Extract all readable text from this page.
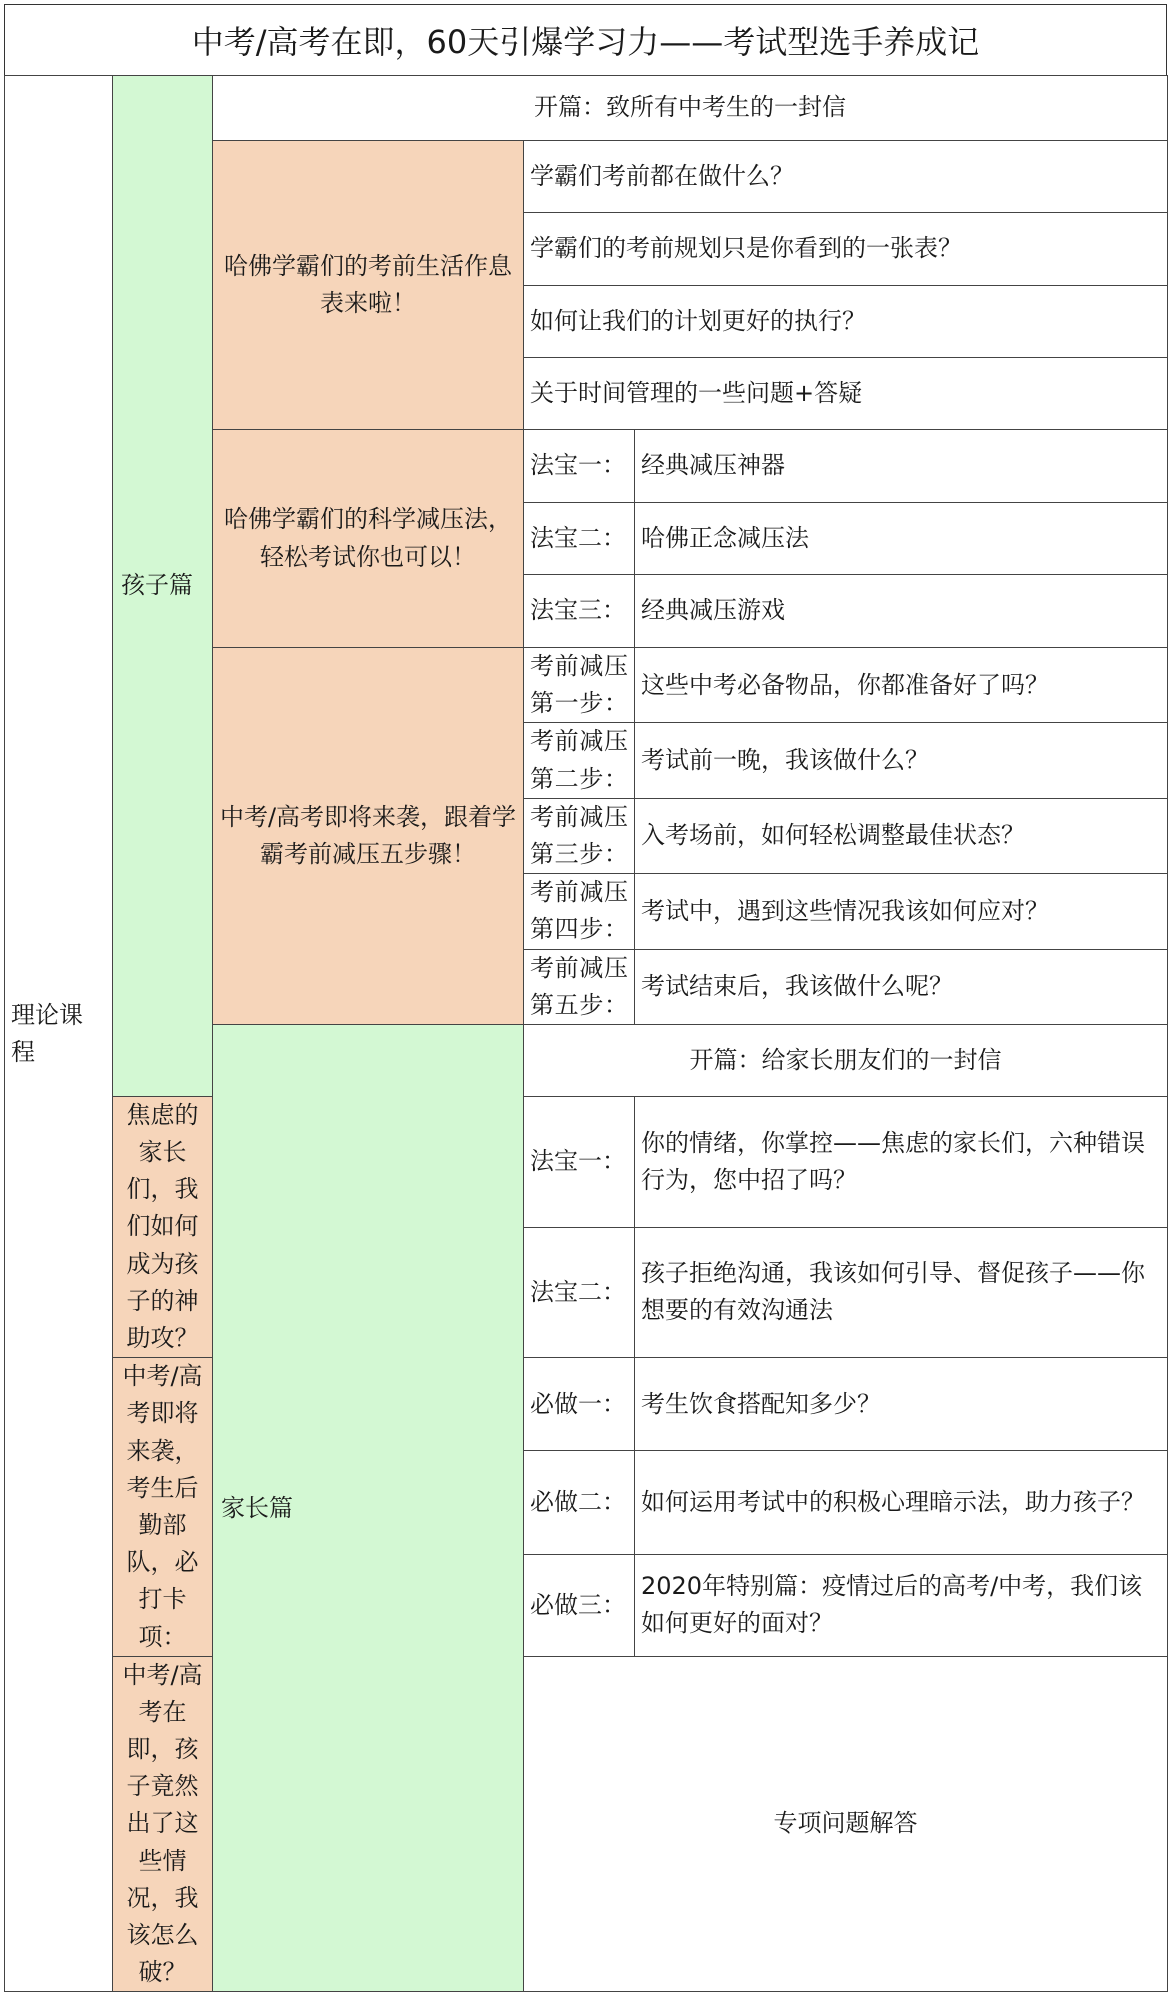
中考/高考在即，60天引爆学习力——考试型选手养成记
理论课程	孩子篇	开篇：致所有中考生的一封信		
		哈佛学霸们的考前生活作息表来啦！	学霸们考前都在做什么？	
			学霸们的考前规划只是你看到的一张表？	
			如何让我们的计划更好的执行？	
			关于时间管理的一些问题+答疑	
		哈佛学霸们的科学减压法，轻松考试你也可以！	法宝一：	经典减压神器
			法宝二：	哈佛正念减压法
			法宝三：	经典减压游戏
		中考/高考即将来袭，跟着学霸考前减压五步骤！	考前减压第一步：	这些中考必备物品，你都准备好了吗？
			考前减压第二步：	考试前一晚，我该做什么？
			考前减压第三步：	入考场前，如何轻松调整最佳状态？
			考前减压第四步：	考试中，遇到这些情况我该如何应对？
			考前减压第五步：	考试结束后，我该做什么呢？
		家长篇	开篇：给家长朋友们的一封信	
	焦虑的家长们，我们如何成为孩子的神助攻？		法宝一：	你的情绪，你掌控——焦虑的家长们，六种错误行为，您中招了吗？
			法宝二：	孩子拒绝沟通，我该如何引导、督促孩子——你想要的有效沟通法
	中考/高考即将来袭，考生后勤部队，必打卡项：		必做一：	考生饮食搭配知多少？
			必做二：	如何运用考试中的积极心理暗示法，助力孩子？
			必做三：	2020年特别篇：疫情过后的高考/中考，我们该如何更好的面对？
	中考/高考在即，孩子竟然出了这些情况，我该怎么破？		专项问题解答	
